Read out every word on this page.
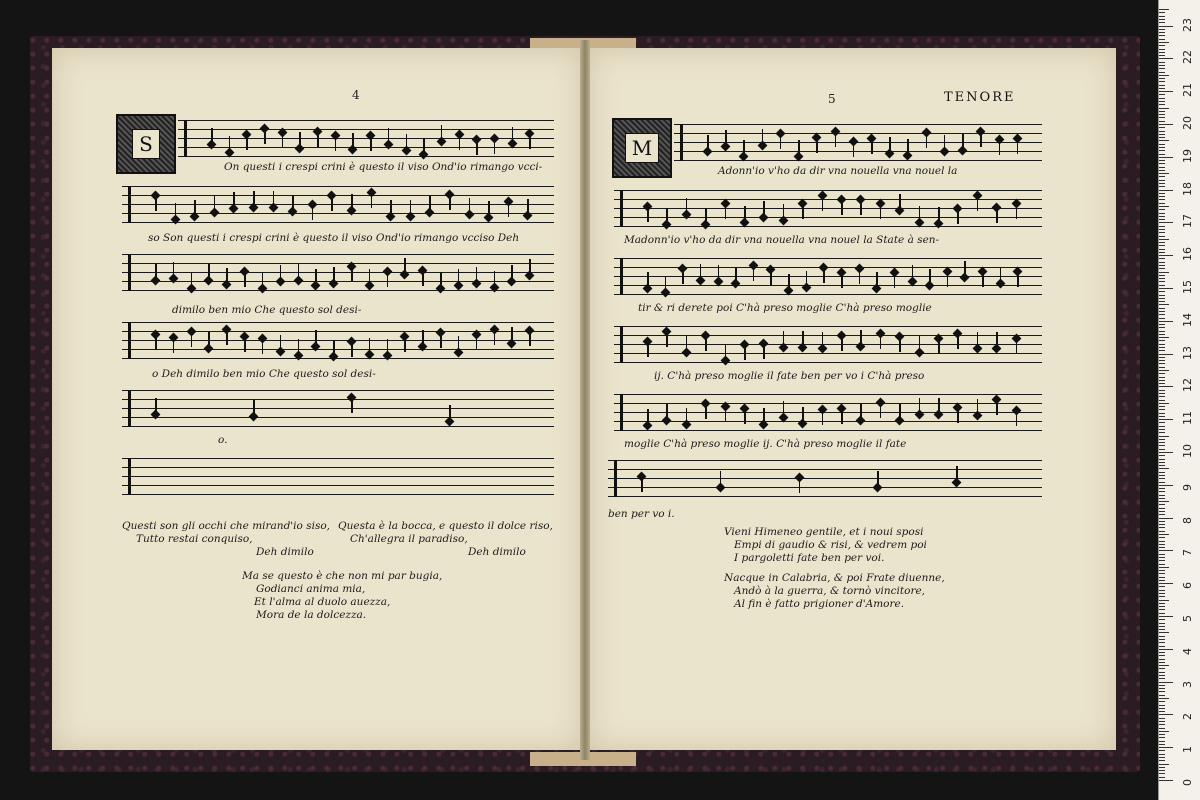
4
S
On questi i crespi crini è questo il viso Ond'io rimango vcci-
so Son questi i crespi crini è questo il viso Ond'io rimango vccisο Deh
dimilo ben mio Che questo sol desi-
o Deh dimilo ben mio Che questo sol desi-
o.
Questi son gli occhi che mirand'io siso,
Tutto restai conquiso,
Deh dimilo
Questa è la bocca, e questo il dolce riso,
Ch'allegra il paradiso,
Deh dimilo
Ma se questo è che non mi par bugia,
Godianci anima mia,
Et l'alma al duolo auezza,
Mora de la dolcezza.
5	TENORE
M
Adonn'io v'ho da dir vna nouella vna nouel la
Madonn'io v'ho da dir vna nouella vna nouel la State à sen-
tir & ri derete poi C'hà preso moglie C'hà preso moglie
ij. C'hà preso moglie il fate ben per vo i C'hà preso
moglie C'hà preso moglie ij. C'hà preso moglie il fate
ben per vo i.
Vieni Himeneo gentile, et i noui sposi
Empi di gaudio & risi, & vedrem poi
I pargoletti fate ben per voi.
Nacque in Calabria, & poi Frate diuenne,
Andò à la guerra, & tornò vincitore,
Al fin è fatto prigioner d'Amore.
0
1
2
3
4
5
6
7
8
9
10
11
12
13
14
15
16
17
18
19
20
21
22
23
